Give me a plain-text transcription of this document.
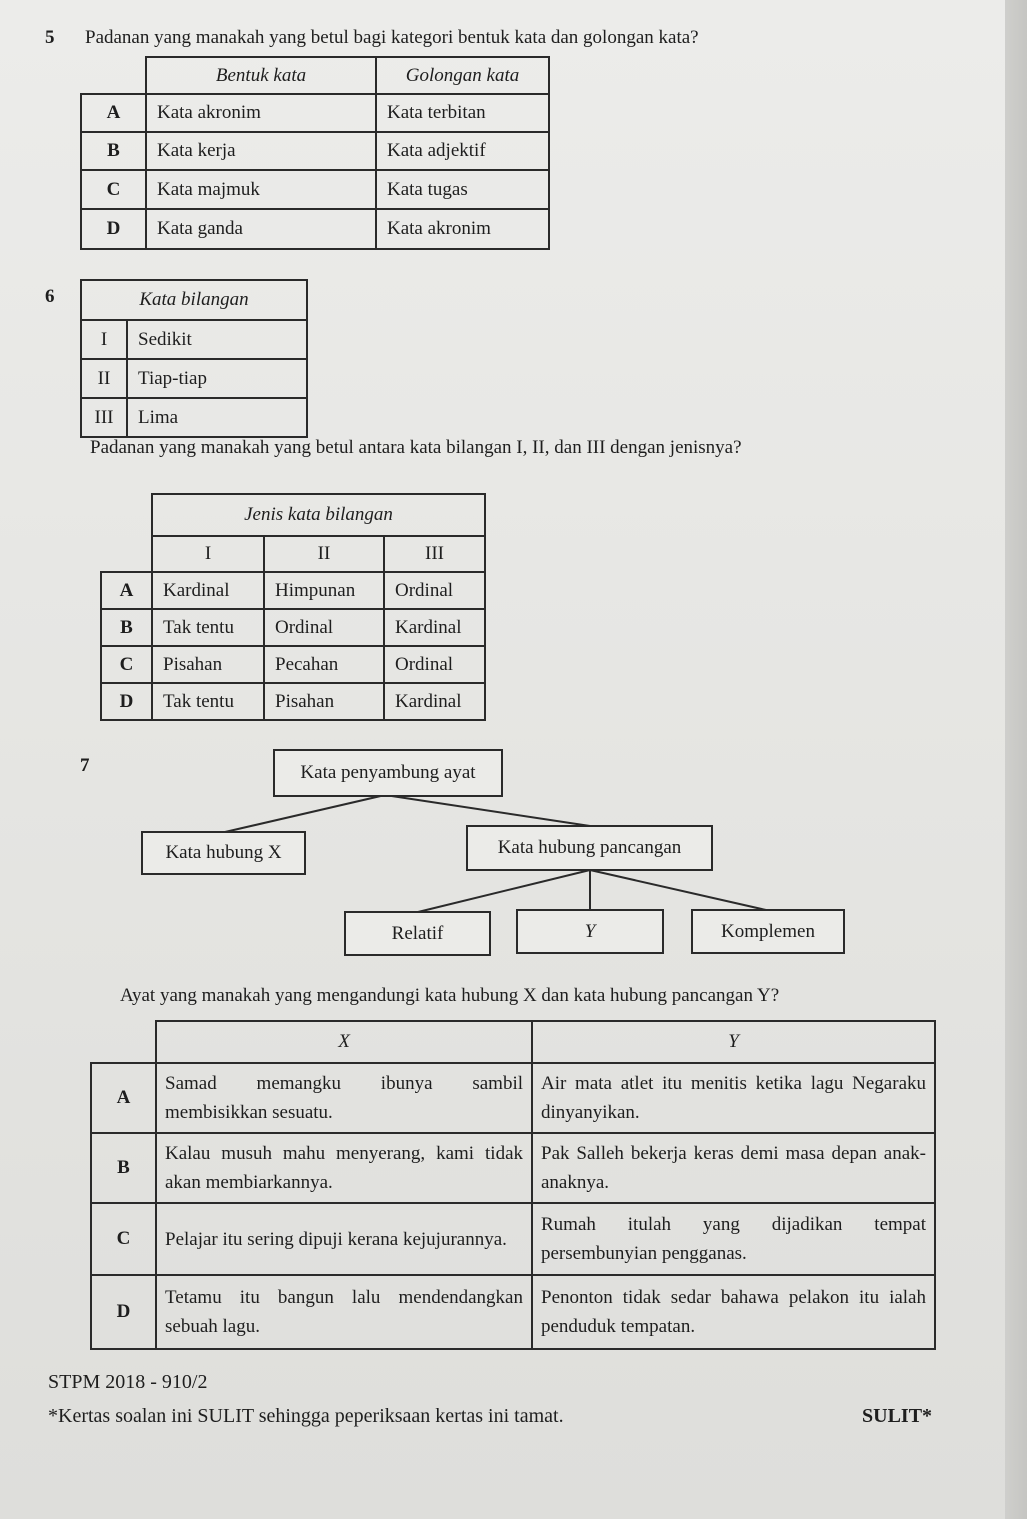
5 Padanan yang manakah yang betul bagi kategori bentuk kata dan golongan kata?
	Bentuk kata	Golongan kata
A	Kata akronim	Kata terbitan
B	Kata kerja	Kata adjektif
C	Kata majmuk	Kata tugas
D	Kata ganda	Kata akronim
6	Kata bilangan	
I	Sedikit
II	Tiap-tiap
III	Lima
Padanan yang manakah yang betul antara kata bilangan I, II, dan III dengan jenisnya?
	Jenis kata bilangan		
	I	II	III
A	Kardinal	Himpunan	Ordinal
B	Tak tentu	Ordinal	Kardinal
C	Pisahan	Pecahan	Ordinal
D	Tak tentu	Pisahan	Kardinal
7	Kata penyambung ayat
Kata hubung X	Kata hubung pancangan
Relatif	Y	Komplemen
Ayat yang manakah yang mengandungi kata hubung X dan kata hubung pancangan Y?
	X	Y
A	Samad memangku ibunya sambil membisikkan sesuatu.	Air mata atlet itu menitis ketika lagu Negaraku dinyanyikan.
B	Kalau musuh mahu menyerang, kami tidak akan membiarkannya.	Pak Salleh bekerja keras demi masa depan anak-anaknya.
C	Pelajar itu sering dipuji kerana kejujurannya.	Rumah itulah yang dijadikan tempat persembunyian pengganas.
D	Tetamu itu bangun lalu mendendangkan sebuah lagu.	Penonton tidak sedar bahawa pelakon itu ialah penduduk tempatan.
STPM 2018 - 910/2
*Kertas soalan ini SULIT sehingga peperiksaan kertas ini tamat.	SULIT*
